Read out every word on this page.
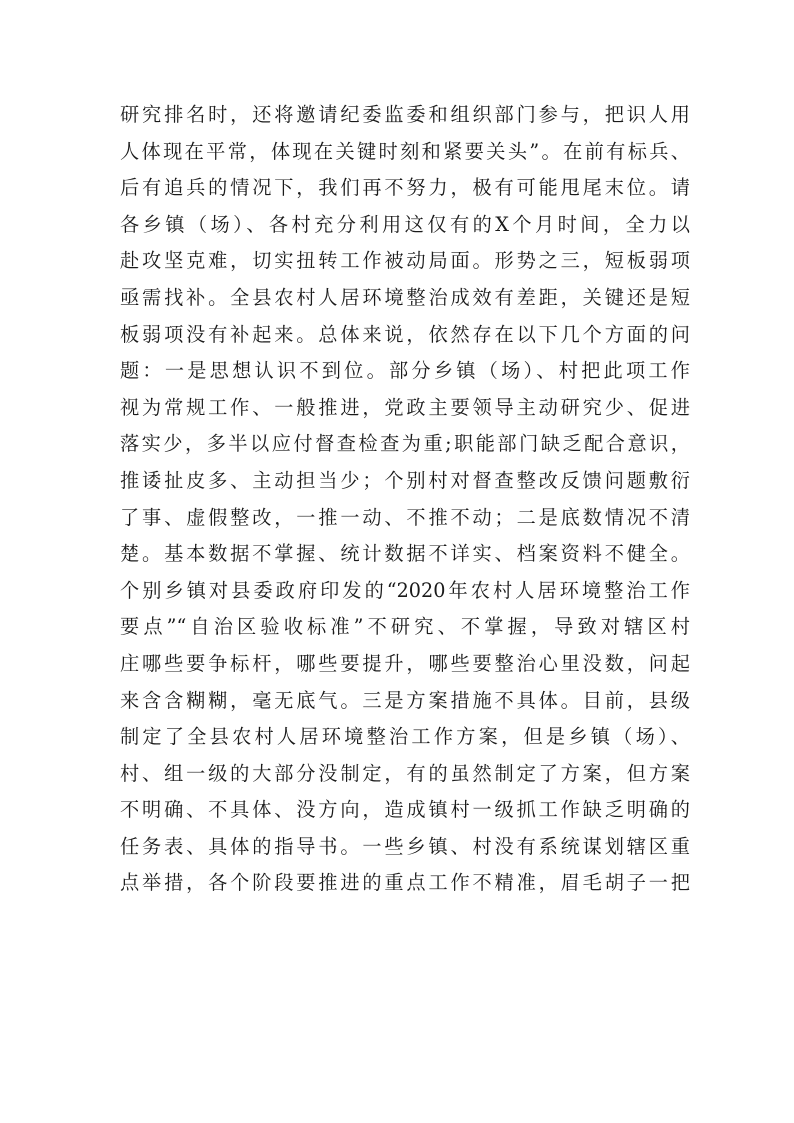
研究排名时，还将邀请纪委监委和组织部门参与，把识人用
人体现在平常，体现在关键时刻和紧要关头”。在前有标兵、
后有追兵的情况下，我们再不努力，极有可能甩尾末位。请
各乡镇（场）、各村充分利用这仅有的X个月时间，全力以
赴攻坚克难，切实扭转工作被动局面。形势之三，短板弱项
亟需找补。全县农村人居环境整治成效有差距，关键还是短
板弱项没有补起来。总体来说，依然存在以下几个方面的问
题：一是思想认识不到位。部分乡镇（场）、村把此项工作
视为常规工作、一般推进，党政主要领导主动研究少、促进
落实少，多半以应付督查检查为重;职能部门缺乏配合意识，
推诿扯皮多、主动担当少；个别村对督查整改反馈问题敷衍
了事、虚假整改，一推一动、不推不动；二是底数情况不清
楚。基本数据不掌握、统计数据不详实、档案资料不健全。
个别乡镇对县委政府印发的“2020年农村人居环境整治工作
要点”“自治区验收标准”不研究、不掌握，导致对辖区村
庄哪些要争标杆，哪些要提升，哪些要整治心里没数，问起
来含含糊糊，毫无底气。三是方案措施不具体。目前，县级
制定了全县农村人居环境整治工作方案，但是乡镇（场）、
村、组一级的大部分没制定，有的虽然制定了方案，但方案
不明确、不具体、没方向，造成镇村一级抓工作缺乏明确的
任务表、具体的指导书。一些乡镇、村没有系统谋划辖区重
点举措，各个阶段要推进的重点工作不精准，眉毛胡子一把
